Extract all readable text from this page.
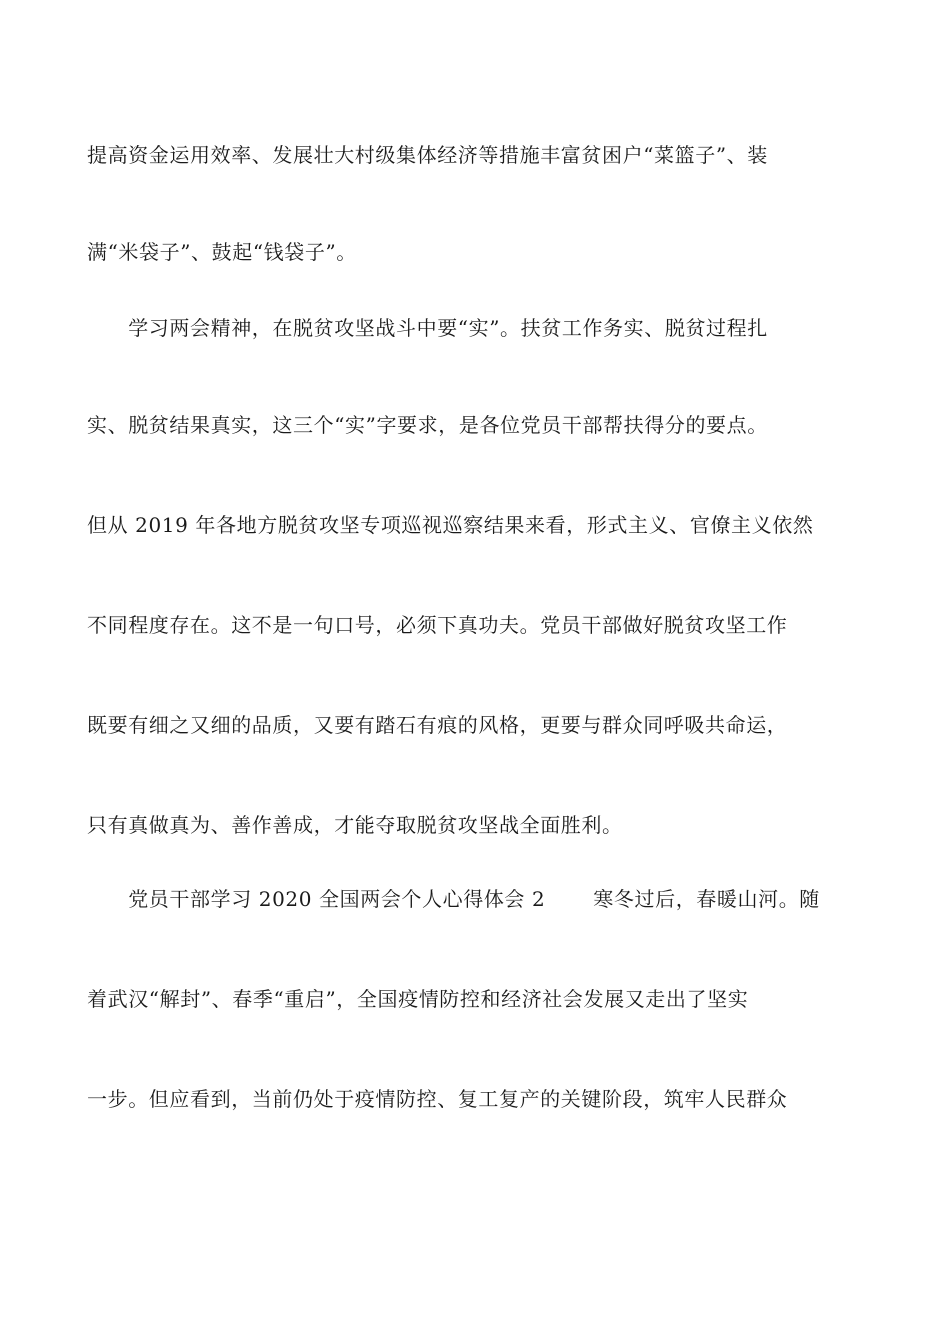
提高资金运用效率、发展壮大村级集体经济等措施丰富贫困户“菜篮子”、装
满“米袋子”、鼓起“钱袋子”。
　　学习两会精神，在脱贫攻坚战斗中要“实”。扶贫工作务实、脱贫过程扎
实、脱贫结果真实，这三个“实”字要求，是各位党员干部帮扶得分的要点。
但从 2019 年各地方脱贫攻坚专项巡视巡察结果来看，形式主义、官僚主义依然
不同程度存在。这不是一句口号，必须下真功夫。党员干部做好脱贫攻坚工作
既要有细之又细的品质，又要有踏石有痕的风格，更要与群众同呼吸共命运，
只有真做真为、善作善成，才能夺取脱贫攻坚战全面胜利。
　　党员干部学习 2020 全国两会个人心得体会 2 寒冬过后，春暖山河。随
着武汉“解封”、春季“重启”，全国疫情防控和经济社会发展又走出了坚实
一步。但应看到，当前仍处于疫情防控、复工复产的关键阶段，筑牢人民群众
